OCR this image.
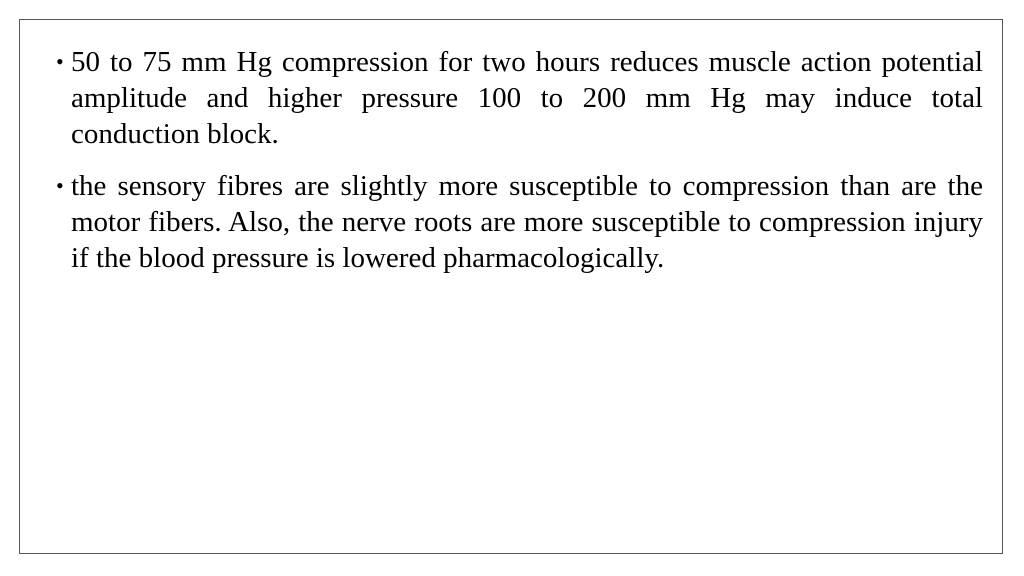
• 50 to 75 mm Hg compression for two hours reduces muscle action potential amplitude and higher pressure 100 to 200 mm Hg may induce total conduction block.
• the sensory fibres are slightly more susceptible to compression than are the motor fibers. Also, the nerve roots are more susceptible to compression injury if the blood pressure is lowered pharmacologically.
